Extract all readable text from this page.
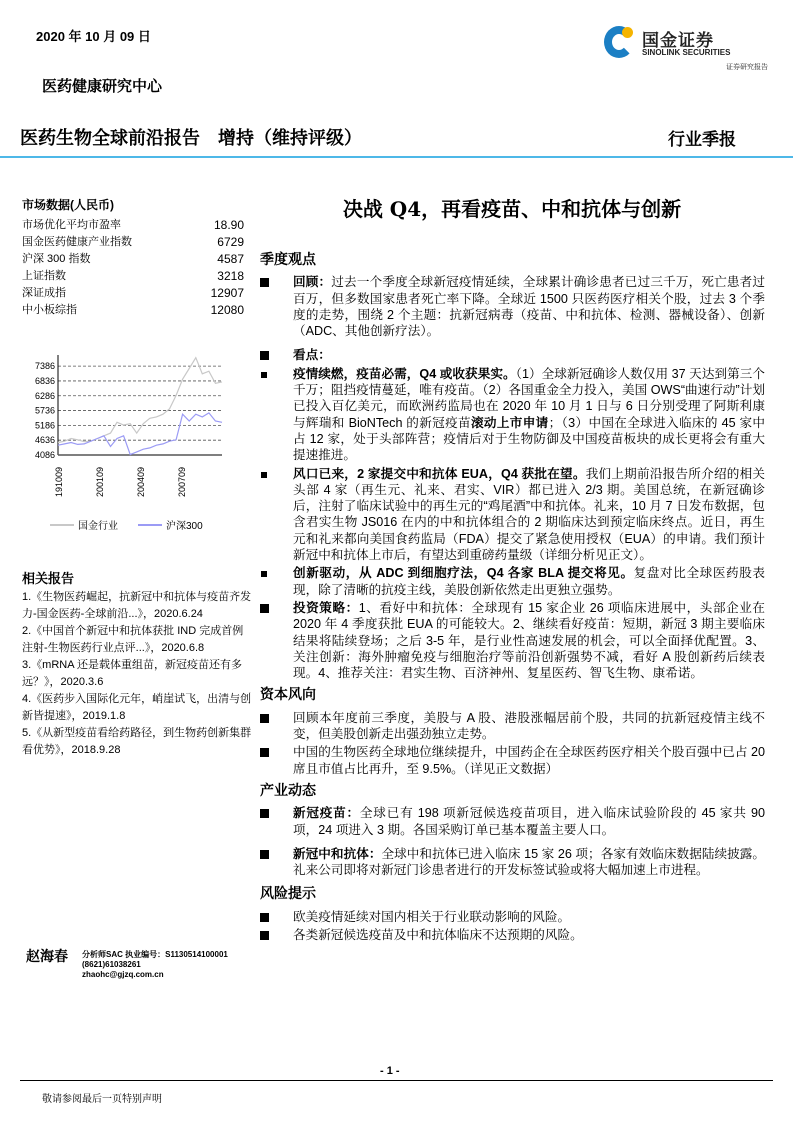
2020 年 10 月 09 日	国金证券
SINOLINK SECURITIES
证券研究报告
医药健康研究中心
医药生物全球前沿报告　增持（维持评级）	行业季报
市场数据(人民币)
市场优化平均市盈率	18.90
国金医药健康产业指数	6729
沪深 300 指数	4587
上证指数	3218
深证成指	12907
中小板综指	12080
4086
4636
5186
5736
6286
6836
7386
191009	200109	200409	200709
国金行业	沪深300
相关报告
1.《生物医药崛起，抗新冠中和抗体与疫苗齐发力-国金医药-全球前沿...》，2020.6.24
2.《中国首个新冠中和抗体获批 IND 完成首例注射-生物医药行业点评...》，2020.6.8
3.《mRNA 还是载体重组苗，新冠疫苗还有多远？》，2020.3.6
4.《医药步入国际化元年，峭崖试飞，出清与创新皆提速》，2019.1.8
5.《从新型疫苗看给药路径，到生物药创新集群看优势》，2018.9.28
赵海春 分析师SAC 执业编号：S1130514100001
(8621)61038261
zhaohc@gjzq.com.cn
决战 Q4，再看疫苗、中和抗体与创新
季度观点
回顾：过去一个季度全球新冠疫情延续，全球累计确诊患者已过三千万，死亡患者过百万，但多数国家患者死亡率下降。全球近 1500 只医药医疗相关个股，过去 3 个季度的走势，围绕 2 个主题：抗新冠病毒（疫苗、中和抗体、检测、器械设备）、创新（ADC、其他创新疗法）。
看点：
疫情续燃，疫苗必需，Q4 或收获果实。（1）全球新冠确诊人数仅用 37 天达到第三个千万；阻挡疫情蔓延，唯有疫苗。（2）各国重金全力投入，美国 OWS“曲速行动”计划已投入百亿美元，而欧洲药监局也在 2020 年 10 月 1 日与 6 日分别受理了阿斯利康与辉瑞和 BioNTech 的新冠疫苗滚动上市申请；（3）中国在全球进入临床的 45 家中占 12 家，处于头部阵营；疫情后对于生物防御及中国疫苗板块的成长更将会有重大提速推进。
风口已来，2 家提交中和抗体 EUA，Q4 获批在望。我们上期前沿报告所介绍的相关头部 4 家（再生元、礼来、君实、VIR）都已进入 2/3 期。美国总统，在新冠确诊后，注射了临床试验中的再生元的“鸡尾酒”中和抗体。礼来，10 月 7 日发布数据，包含君实生物 JS016 在内的中和抗体组合的 2 期临床达到预定临床终点。近日，再生元和礼来都向美国食药监局（FDA）提交了紧急使用授权（EUA）的申请。我们预计新冠中和抗体上市后，有望达到重磅药量级（详细分析见正文）。
创新驱动，从 ADC 到细胞疗法，Q4 各家 BLA 提交将见。复盘对比全球医药股表现，除了清晰的抗疫主线，美股创新依然走出更独立强势。
投资策略：1、看好中和抗体：全球现有 15 家企业 26 项临床进展中，头部企业在 2020 年 4 季度获批 EUA 的可能较大。2、继续看好疫苗：短期，新冠 3 期主要临床结果将陆续登场；之后 3-5 年，是行业性高速发展的机会，可以全面择优配置。3、关注创新：海外肿瘤免疫与细胞治疗等前沿创新强势不减，看好 A 股创新药后续表现。4、推荐关注：君实生物、百济神州、复星医药、智飞生物、康希诺。
资本风向
回顾本年度前三季度，美股与 A 股、港股涨幅居前个股，共同的抗新冠疫情主线不变，但美股创新走出强劲独立走势。
中国的生物医药全球地位继续提升，中国药企在全球医药医疗相关个股百强中已占 20 席且市值占比再升，至 9.5%。（详见正文数据）
产业动态
新冠疫苗：全球已有 198 项新冠候选疫苗项目，进入临床试验阶段的 45 家共 90 项，24 项进入 3 期。各国采购订单已基本覆盖主要人口。
新冠中和抗体：全球中和抗体已进入临床 15 家 26 项；各家有效临床数据陆续披露。 礼来公司即将对新冠门诊患者进行的开发标签试验或将大幅加速上市进程。
风险提示
欧美疫情延续对国内相关于行业联动影响的风险。
各类新冠候选疫苗及中和抗体临床不达预期的风险。
- 1 -
敬请参阅最后一页特别声明
